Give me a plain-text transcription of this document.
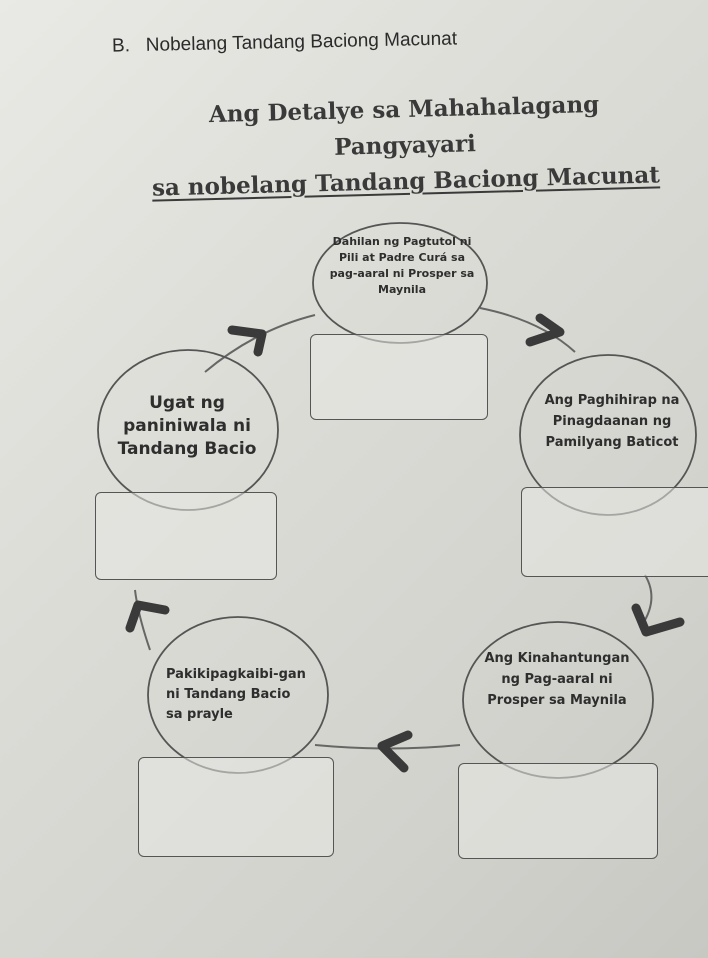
B. Nobelang Tandang Baciong Macunat
Ang Detalye sa Mahahalagang
Pangyayari
sa nobelang Tandang Baciong Macunat
Dahilan ng Pagtutol ni Pili at Padre Curá sa pag-aaral ni Prosper sa Maynila
Ang Paghihirap na Pinagdaanan ng Pamilyang Baticot
Ang Kinahantungan ng Pag-aaral ni Prosper sa Maynila
Pakikipagkaibi-gan ni Tandang Bacio sa prayle
Ugat ng paniniwala ni Tandang Bacio
